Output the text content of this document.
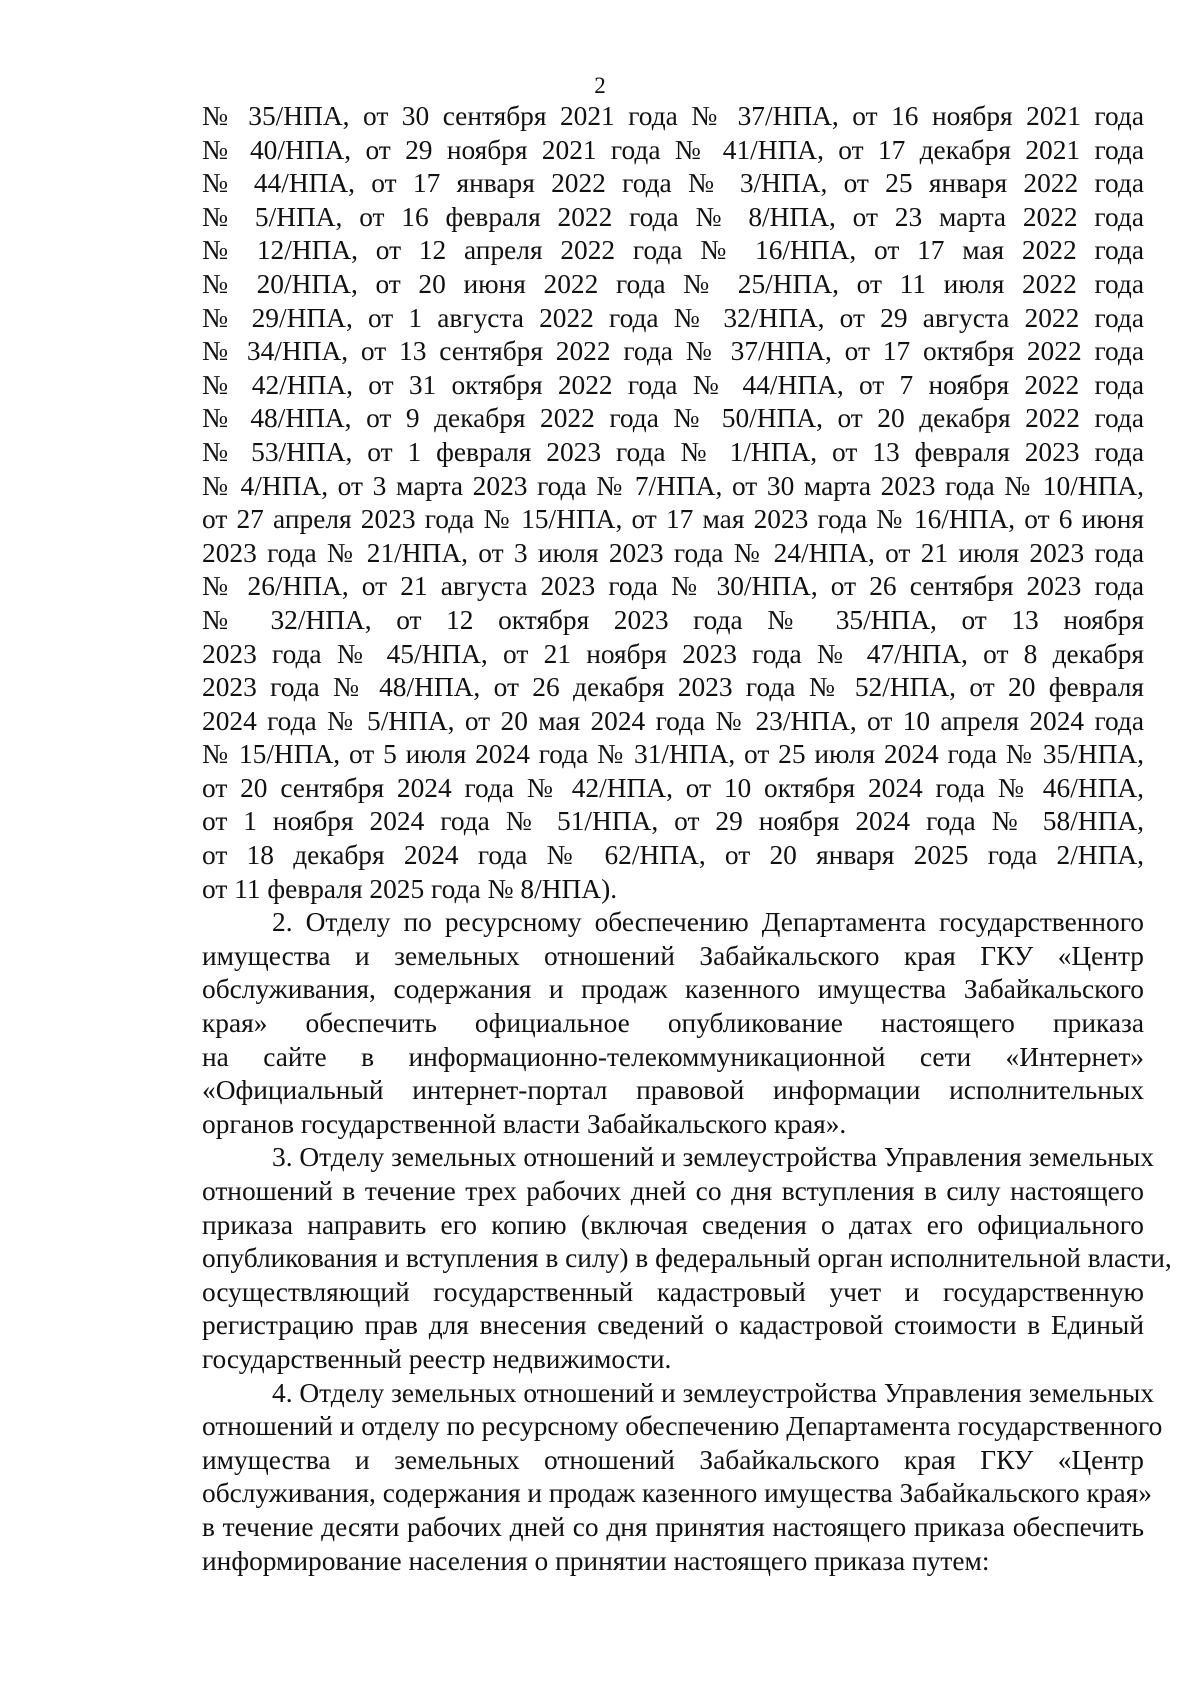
2
№ 35/НПА, от 30 сентября 2021 года № 37/НПА, от 16 ноября 2021 года
№ 40/НПА, от 29 ноября 2021 года № 41/НПА, от 17 декабря 2021 года
№ 44/НПА, от 17 января 2022 года № 3/НПА, от 25 января 2022 года
№ 5/НПА, от 16 февраля 2022 года № 8/НПА, от 23 марта 2022 года
№ 12/НПА, от 12 апреля 2022 года № 16/НПА, от 17 мая 2022 года
№ 20/НПА, от 20 июня 2022 года № 25/НПА, от 11 июля 2022 года
№ 29/НПА, от 1 августа 2022 года № 32/НПА, от 29 августа 2022 года
№ 34/НПА, от 13 сентября 2022 года № 37/НПА, от 17 октября 2022 года
№ 42/НПА, от 31 октября 2022 года № 44/НПА, от 7 ноября 2022 года
№ 48/НПА, от 9 декабря 2022 года № 50/НПА, от 20 декабря 2022 года
№ 53/НПА, от 1 февраля 2023 года № 1/НПА, от 13 февраля 2023 года
№ 4/НПА, от 3 марта 2023 года № 7/НПА, от 30 марта 2023 года № 10/НПА,
от 27 апреля 2023 года № 15/НПА, от 17 мая 2023 года № 16/НПА, от 6 июня
2023 года № 21/НПА, от 3 июля 2023 года № 24/НПА, от 21 июля 2023 года
№ 26/НПА, от 21 августа 2023 года № 30/НПА, от 26 сентября 2023 года
№ 32/НПА, от 12 октября 2023 года № 35/НПА, от 13 ноября
2023 года № 45/НПА, от 21 ноября 2023 года № 47/НПА, от 8 декабря
2023 года № 48/НПА, от 26 декабря 2023 года № 52/НПА, от 20 февраля
2024 года № 5/НПА, от 20 мая 2024 года № 23/НПА, от 10 апреля 2024 года
№ 15/НПА, от 5 июля 2024 года № 31/НПА, от 25 июля 2024 года № 35/НПА,
от 20 сентября 2024 года № 42/НПА, от 10 октября 2024 года № 46/НПА,
от 1 ноября 2024 года № 51/НПА, от 29 ноября 2024 года № 58/НПА,
от 18 декабря 2024 года № 62/НПА, от 20 января 2025 года 2/НПА,
от 11 февраля 2025 года № 8/НПА).
2. Отделу по ресурсному обеспечению Департамента государственного
имущества и земельных отношений Забайкальского края ГКУ «Центр
обслуживания, содержания и продаж казенного имущества Забайкальского
края» обеспечить официальное опубликование настоящего приказа
на сайте в информационно-телекоммуникационной сети «Интернет»
«Официальный интернет-портал правовой информации исполнительных
органов государственной власти Забайкальского края».
3. Отделу земельных отношений и землеустройства Управления земельных
отношений в течение трех рабочих дней со дня вступления в силу настоящего
приказа направить его копию (включая сведения о датах его официального
опубликования и вступления в силу) в федеральный орган исполнительной власти,
осуществляющий государственный кадастровый учет и государственную
регистрацию прав для внесения сведений о кадастровой стоимости в Единый
государственный реестр недвижимости.
4. Отделу земельных отношений и землеустройства Управления земельных
отношений и отделу по ресурсному обеспечению Департамента государственного
имущества и земельных отношений Забайкальского края ГКУ «Центр
обслуживания, содержания и продаж казенного имущества Забайкальского края»
в течение десяти рабочих дней со дня принятия настоящего приказа обеспечить
информирование населения о принятии настоящего приказа путем:
